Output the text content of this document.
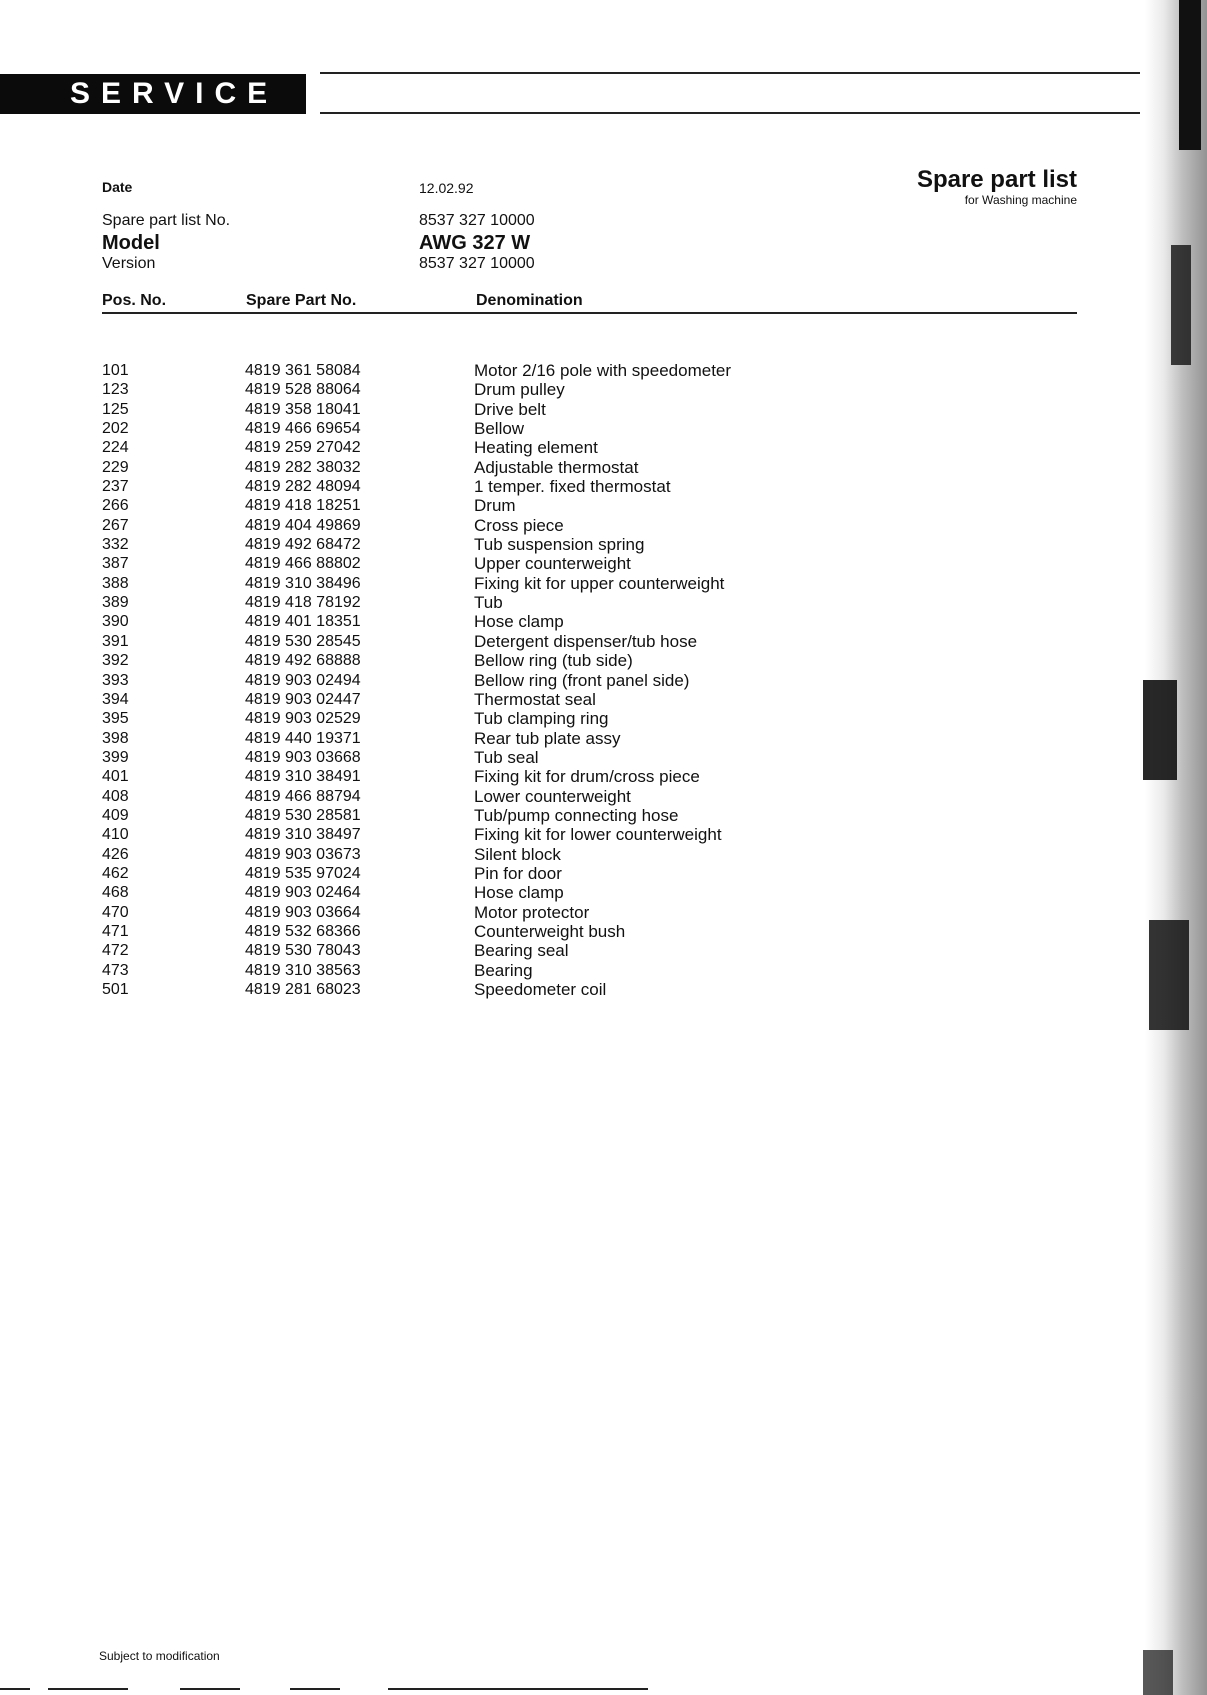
SERVICE
Spare part list
for Washing machine
Date	12.02.92
Spare part list No.	8537 327 10000
Model	AWG 327 W
Version	8537 327 10000
Pos. No.	Spare Part No.	Denomination
101	4819 361 58084	Motor 2/16 pole with speedometer
123	4819 528 88064	Drum pulley
125	4819 358 18041	Drive belt
202	4819 466 69654	Bellow
224	4819 259 27042	Heating element
229	4819 282 38032	Adjustable thermostat
237	4819 282 48094	1 temper. fixed thermostat
266	4819 418 18251	Drum
267	4819 404 49869	Cross piece
332	4819 492 68472	Tub suspension spring
387	4819 466 88802	Upper counterweight
388	4819 310 38496	Fixing kit for upper counterweight
389	4819 418 78192	Tub
390	4819 401 18351	Hose clamp
391	4819 530 28545	Detergent dispenser/tub hose
392	4819 492 68888	Bellow ring (tub side)
393	4819 903 02494	Bellow ring (front panel side)
394	4819 903 02447	Thermostat seal
395	4819 903 02529	Tub clamping ring
398	4819 440 19371	Rear tub plate assy
399	4819 903 03668	Tub seal
401	4819 310 38491	Fixing kit for drum/cross piece
408	4819 466 88794	Lower counterweight
409	4819 530 28581	Tub/pump connecting hose
410	4819 310 38497	Fixing kit for lower counterweight
426	4819 903 03673	Silent block
462	4819 535 97024	Pin for door
468	4819 903 02464	Hose clamp
470	4819 903 03664	Motor protector
471	4819 532 68366	Counterweight bush
472	4819 530 78043	Bearing seal
473	4819 310 38563	Bearing
501	4819 281 68023	Speedometer coil
Subject to modification
